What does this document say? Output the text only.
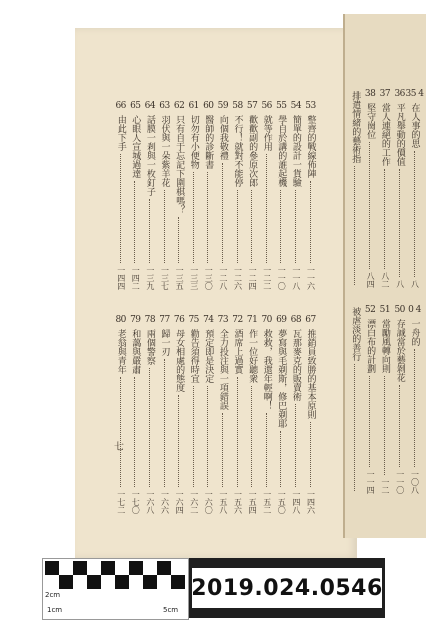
53
整齊的戰線佈陣
一一六
54
簡單的設計一貨驗
一一八
55
學自於講的誰起機
一一〇
56
就等作用
一二二
57
歡歡副的參原次郎
一二四
58
不行！就對不能停
一二六
59
向個我敬禮
一二八
60
醫師的診斷書
一三〇
61
切勿有小便物
一三三
62
只有自于忘記下圍棋嗎？
一三五
63
羽伏與一朵紫羊花
一三七
64
話膜一剎與一枚釘子
一三九
65
心眼人宣城過達
一四二
66
由此下手
一四四
67
推銷員致勝的基本原則
一四六
68
瓦那麥克的販賣術
一四八
69
夢寫與毛剃斯，修巴剃耶
一五〇
70
救救，我還年輕啊！
一五二
71
作一位好聽衆
一五四
72
酒席上過實
一五六
73
全力投注與一項錯誤
一五八
74
預定即是決定
一六〇
75
勸告須得時宜
一六二
76
母女相處的態度
一六四
77
歸一刃
一六六
78
兩個警察
一六八
79
和藹與嚴肅
一七〇
80
老翁與青年
一七二
35 4
在人事的思
八
36
平凡舉動的價值
八
37
當人連絕的工作
八二
38
堅守崗位
八四
排遣情緒的藝術指
0 4
一舟的
一〇八
50
存誠當於藝剝花
一一〇
51
當勵風轉向則
一二
52
漂白布的計劃
一一四
被虐淡的善行
七
2cm
1cm	5cm
2019.024.0546
